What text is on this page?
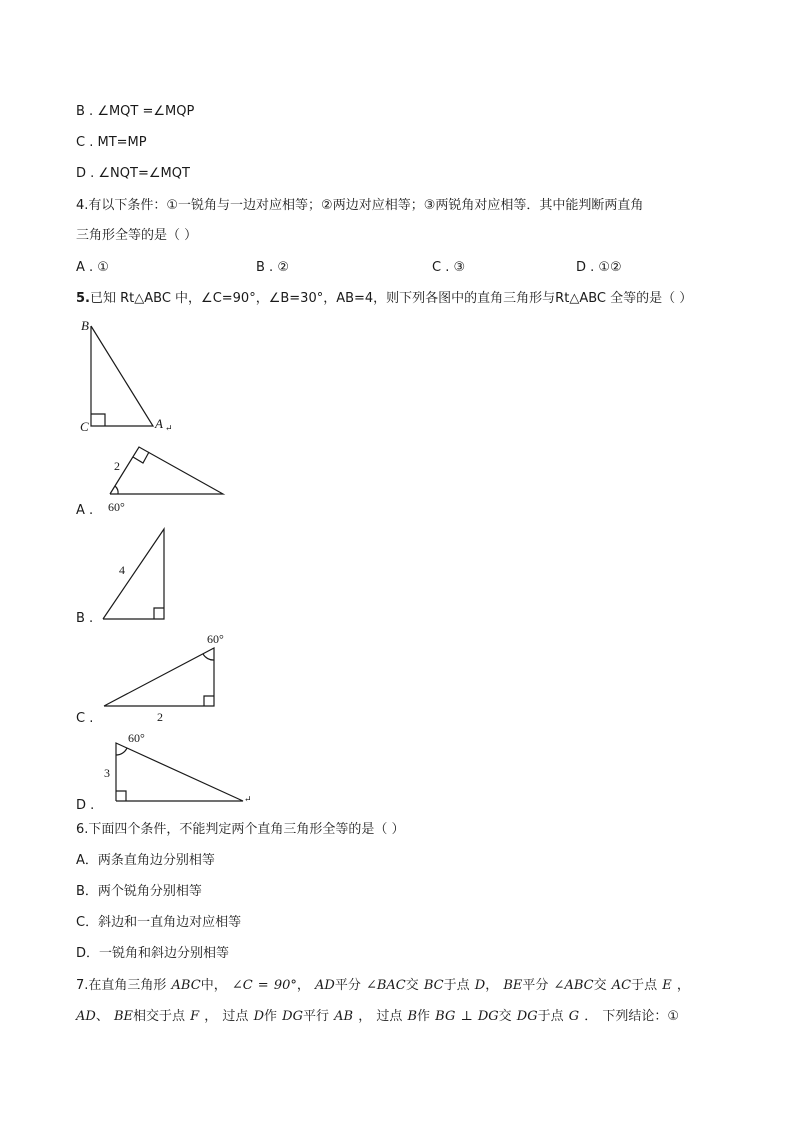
B . ∠MQT =∠MQP
C . MT=MP
D . ∠NQT=∠MQT
4.有以下条件：①一锐角与一边对应相等；②两边对应相等；③两锐角对应相等．其中能判断两直角
三角形全等的是（ ）
A . ①	B . ②	C . ③	D . ①②
5.已知 Rt△ABC 中，∠C=90°，∠B=30°，AB=4，则下列各图中的直角三角形与Rt△ABC 全等的是（ ）
B
C	A ↵
2
60°
4
60°
2
60°
3
↵
A .
B .
C .
D .
6.下面四个条件，不能判定两个直角三角形全等的是（ ）
A．两条直角边分别相等
B．两个锐角分别相等
C．斜边和一直角边对应相等
D．一锐角和斜边分别相等
7.在直角三角形 ABC中， ∠C = 90°， AD平分 ∠BAC交 BC于点 D， BE平分 ∠ABC交 AC于点 E ，
AD、 BE相交于点 F ， 过点 D作 DG平行 AB ， 过点 B作 BG ⊥ DG交 DG于点 G ． 下列结论：①
